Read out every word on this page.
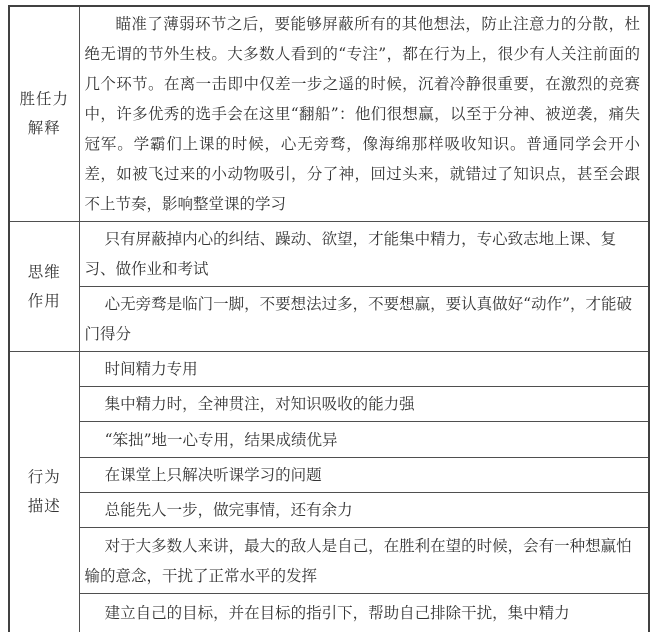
胜任力
解释	瞄准了薄弱环节之后，要能够屏蔽所有的其他想法，防止注意力的分散，杜绝无谓的节外生枝。大多数人看到的“专注”，都在行为上，很少有人关注前面的几个环节。在离一击即中仅差一步之遥的时候，沉着冷静很重要，在激烈的竞赛中，许多优秀的选手会在这里“翻船”：他们很想赢，以至于分神、被逆袭，痛失冠军。学霸们上课的时候，心无旁骛，像海绵那样吸收知识。普通同学会开小差，如被飞过来的小动物吸引，分了神，回过头来，就错过了知识点，甚至会跟不上节奏，影响整堂课的学习

思维
作用	只有屏蔽掉内心的纠结、躁动、欲望，才能集中精力，专心致志地上课、复习、做作业和考试

	心无旁骛是临门一脚，不要想法过多，不要想赢，要认真做好“动作”，才能破门得分

行为
描述	时间精力专用

	集中精力时，全神贯注，对知识吸收的能力强

	“笨拙”地一心专用，结果成绩优异

	在课堂上只解决听课学习的问题

	总能先人一步，做完事情，还有余力

	对于大多数人来讲，最大的敌人是自己，在胜利在望的时候，会有一种想赢怕输的意念，干扰了正常水平的发挥

	建立自己的目标，并在目标的指引下，帮助自己排除干扰，集中精力
